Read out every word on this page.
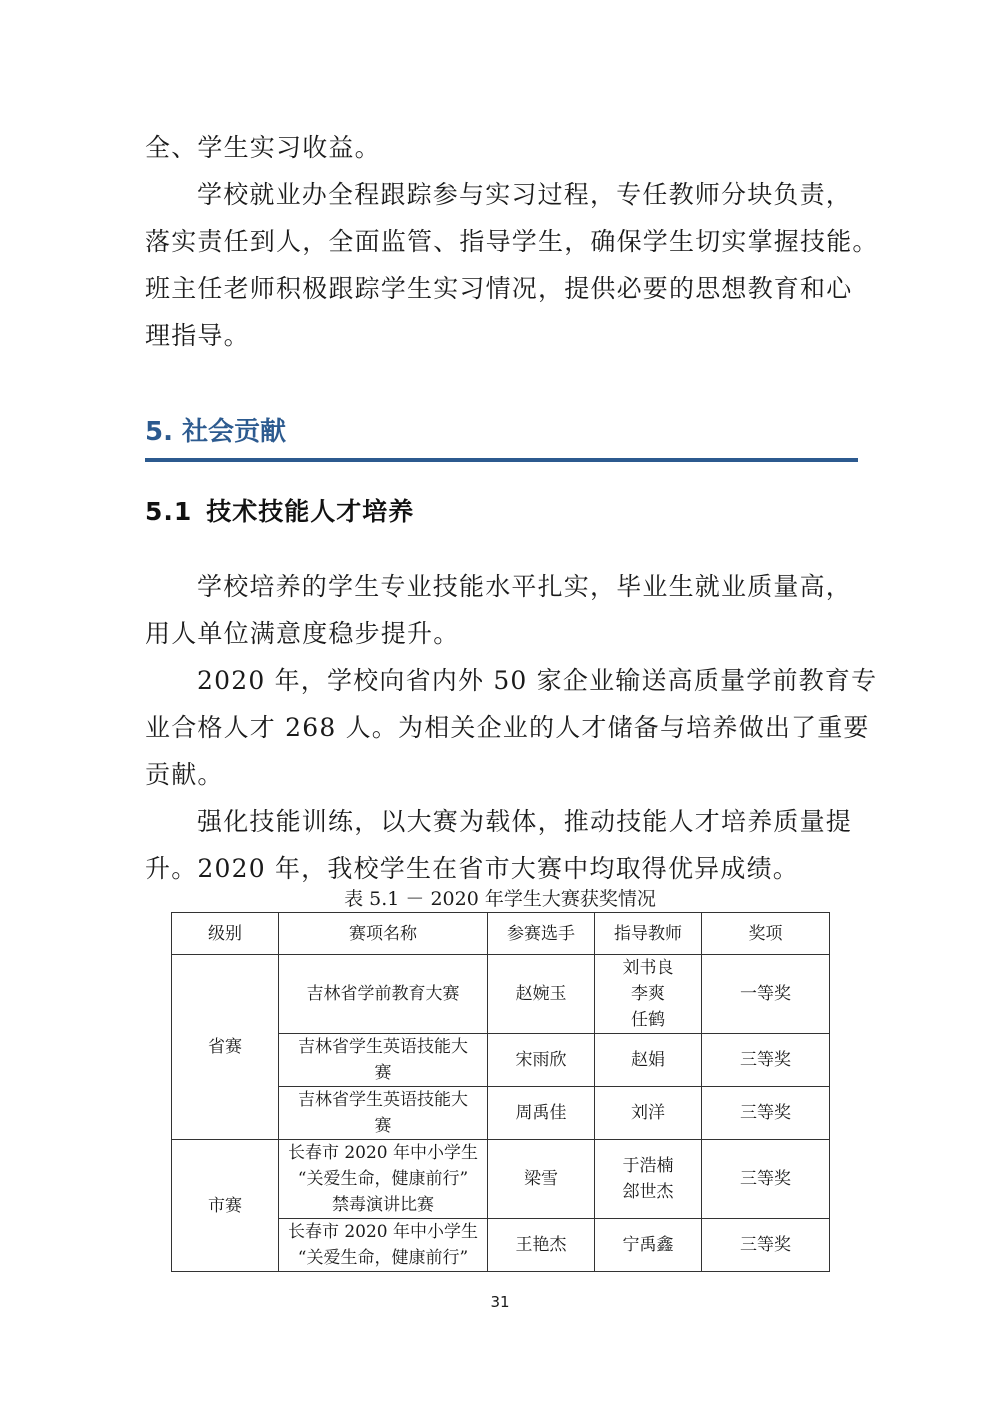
全、学生实习收益。

学校就业办全程跟踪参与实习过程，专任教师分块负责，
落实责任到人，全面监管、指导学生，确保学生切实掌握技能。
班主任老师积极跟踪学生实习情况，提供必要的思想教育和心
理指导。

5. 社会贡献
5.1 技术技能人才培养

学校培养的学生专业技能水平扎实，毕业生就业质量高，
用人单位满意度稳步提升。

2020 年，学校向省内外 50 家企业输送高质量学前教育专
业合格人才 268 人。为相关企业的人才储备与培养做出了重要
贡献。

强化技能训练，以大赛为载体，推动技能人才培养质量提
升。2020 年，我校学生在省市大赛中均取得优异成绩。

表 5.1 － 2020 年学生大赛获奖情况

级别	赛项名称	参赛选手	指导教师	奖项
省赛	吉林省学前教育大赛	赵婉玉	刘书良
李爽
任鹤	一等奖

	吉林省学生英语技能大
赛	宋雨欣	赵娟	三等奖

	吉林省学生英语技能大
赛	周禹佳	刘洋	三等奖
市赛	长春市 2020 年中小学生
“关爱生命，健康前行”
禁毒演讲比赛	梁雪	于浩楠
郐世杰	三等奖

	长春市 2020 年中小学生
“关爱生命，健康前行”	王艳杰	宁禹鑫	三等奖
31
